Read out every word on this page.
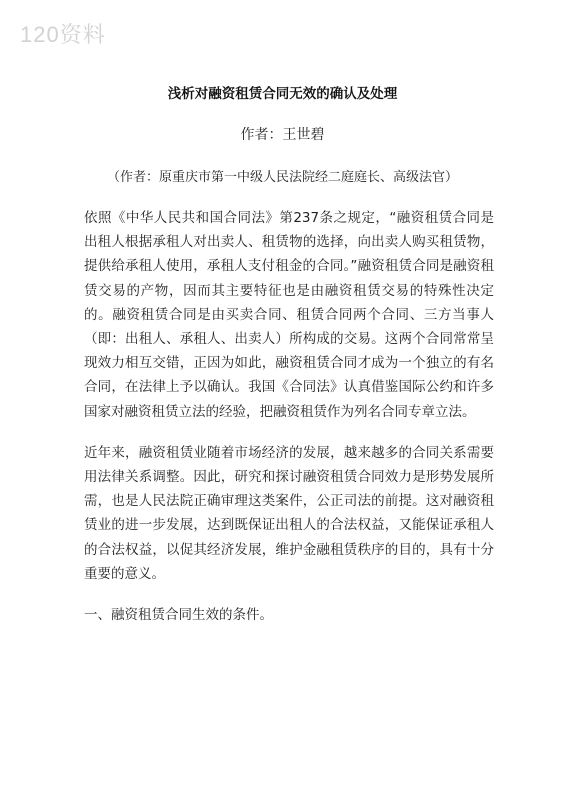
120资料
浅析对融资租赁合同无效的确认及处理
作者：王世碧
（作者：原重庆市第一中级人民法院经二庭庭长、高级法官）

依照《中华人民共和国合同法》第237条之规定，“融资租赁合同是出租人根据承租人对出卖人、租赁物的选择，向出卖人购买租赁物，提供给承租人使用，承租人支付租金的合同。”融资租赁合同是融资租赁交易的产物，因而其主要特征也是由融资租赁交易的特殊性决定的。融资租赁合同是由买卖合同、租赁合同两个合同、三方当事人（即：出租人、承租人、出卖人）所构成的交易。这两个合同常常呈现效力相互交错，正因为如此，融资租赁合同才成为一个独立的有名合同，在法律上予以确认。我国《合同法》认真借鉴国际公约和许多国家对融资租赁立法的经验，把融资租赁作为列名合同专章立法。

近年来，融资租赁业随着市场经济的发展，越来越多的合同关系需要用法律关系调整。因此，研究和探讨融资租赁合同效力是形势发展所需，也是人民法院正确审理这类案件，公正司法的前提。这对融资租赁业的进一步发展，达到既保证出租人的合法权益，又能保证承租人的合法权益，以促其经济发展，维护金融租赁秩序的目的，具有十分重要的意义。

一、融资租赁合同生效的条件。
